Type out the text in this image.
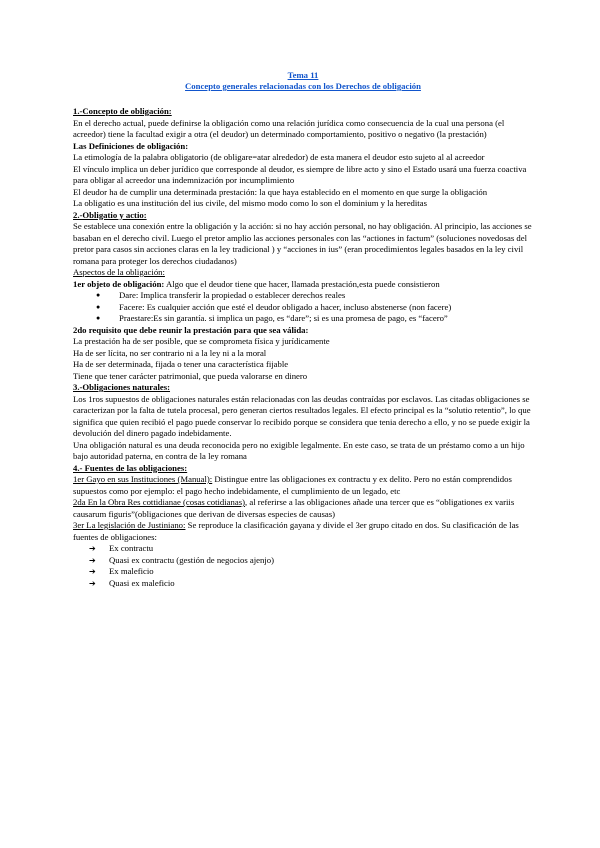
Tema 11
Concepto generales relacionadas con los Derechos de obligación

1.-Concepto de obligación:

En el derecho actual, puede definirse la obligación como una relación jurídica como consecuencia de la cual una persona (el acreedor) tiene la facultad exigir a otra (el deudor) un determinado comportamiento, positivo o negativo (la prestación)

Las Definiciones de obligación:

La etimología de la palabra obligatorio (de obligare=atar alrededor) de esta manera el deudor esto sujeto al al acreedor

El vínculo implica un deber jurídico que corresponde al deudor, es siempre de libre acto y sino el Estado usará una fuerza coactiva para obligar al acreedor una indemnización por incumplimiento

El deudor ha de cumplir una determinada prestación: la que haya establecido en el momento en que surge la obligación

La obligatio es una institución del ius civile, del mismo modo como lo son el dominium y la hereditas

2.-Obligatio y actio:

Se establece una conexión entre la obligación y la acción: si no hay acción personal, no hay obligación. Al principio, las acciones se basaban en el derecho civil. Luego el pretor amplio las acciones personales con las “actiones in factum” (soluciones novedosas del pretor para casos sin acciones claras en la ley tradicional ) y “acciones in ius” (eran procedimientos legales basados en la ley civil romana para proteger los derechos ciudadanos)

Aspectos de la obligación:

1er objeto de obligación: Algo que el deudor tiene que hacer, llamada prestación,esta puede consistieron

● Dare: Implica transferir la propiedad o establecer derechos reales
● Facere: Es cualquier acción que esté el deudor obligado a hacer, incluso abstenerse (non facere)
● Praestare:Es sin garantía. si implica un pago, es “dare”; si es una promesa de pago, es “facero”

2do requisito que debe reunir la prestación para que sea válida:

La prestación ha de ser posible, que se comprometa física y jurídicamente

Ha de ser lícita, no ser contrario ni a la ley ni a la moral

Ha de ser determinada, fijada o tener una característica fijable

Tiene que tener carácter patrimonial, que pueda valorarse en dinero

3.-Obligaciones naturales:

Los 1ros supuestos de obligaciones naturales están relacionadas con las deudas contraídas por esclavos. Las citadas obligaciones se caracterizan por la falta de tutela procesal, pero generan ciertos resultados legales. El efecto principal es la “solutio retentio”, lo que significa que quien recibió el pago puede conservar lo recibido porque se considera que tenia derecho a ello, y no se puede exigir la devolución del dinero pagado indebidamente.

Una obligación natural es una deuda reconocida pero no exigible legalmente. En este caso, se trata de un préstamo como a un hijo bajo autoridad paterna, en contra de la ley romana

4.- Fuentes de las obligaciones:

1er Gayo en sus Instituciones (Manual): Distingue entre las obligaciones ex contractu y ex delito. Pero no están comprendidos supuestos como por ejemplo: el pago hecho indebidamente, el cumplimiento de un legado, etc

2da En la Obra Res cottidianae (cosas cotidianas), al referirse a las obligaciones añade una tercer que es “obligationes ex variis causarum figuris”(obligaciones que derivan de diversas especies de causas)

3er La legislación de Justiniano: Se reproduce la clasificación gayana y divide el 3er grupo citado en dos. Su clasificación de las fuentes de obligaciones:

➔ Ex contractu
➔ Quasi ex contractu (gestión de negocios ajenjo)
➔ Ex maleficio
➔ Quasi ex maleficio
